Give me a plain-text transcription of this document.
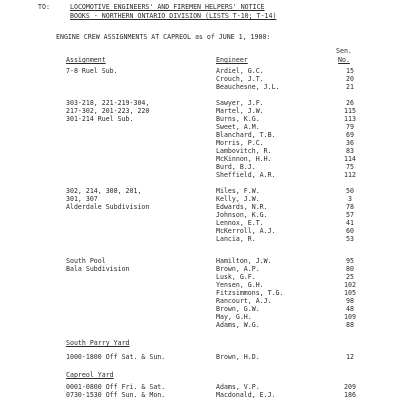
TO:	LOCOMOTIVE ENGINEERS' AND FIREMEN HELPERS' NOTICE
BOOKS - NORTHERN ONTARIO DIVISION (LISTS T-10; T-14)
ENGINE CREW ASSIGNMENTS AT CAPREOL as of JUNE 1, 1980:
Sen.
Assignment	Engineer	No.
7-8 Ruel Sub.	Ardiel, G.C.	15
Crouch, J.T.	20
Beauchesne, J.L.	21
303-218, 221-219-304,
217-302, 201-223, 220
301-214 Ruel Sub.
Sawyer, J.F.	26
Martel, J.W.	115
Burns, K.G.	113
Sweet, A.M.	79
Blanchard, T.B.	69
Morris, P.C.	36
Lambovitch, R.	83
McKinnon, H.H.	114
Burd, B.J.	75
Sheffield, A.R.	112
302, 214, 308, 201,
301, 307
Alderdale Subdivision
Miles, F.W.	50
Kelly, J.W.	3
Edwards, N.R.	78
Johnson, K.G.	57
Lennox, E.T.	41
McKerroll, A.J.	60
Lancia, R.	53
South Pool
Bala Subdivision
Hamilton, J.W.	95
Brown, A.P.	80
Lusk, G.F.	25
Yensen, G.H.	102
Fitzsimmons, T.G.	105
Rancourt, A.J.	98
Brown, G.W.	48
May, G.H.	109
Adams, W.G.	88
South Parry Yard
1000-1800 Off Sat. & Sun.	Brown, H.D.	12
Capreol Yard
0001-0800 Off Fri. & Sat.	Adams, V.P.	209
0730-1530 Off Sun. & Mon.	Macdonald, E.J.	186
